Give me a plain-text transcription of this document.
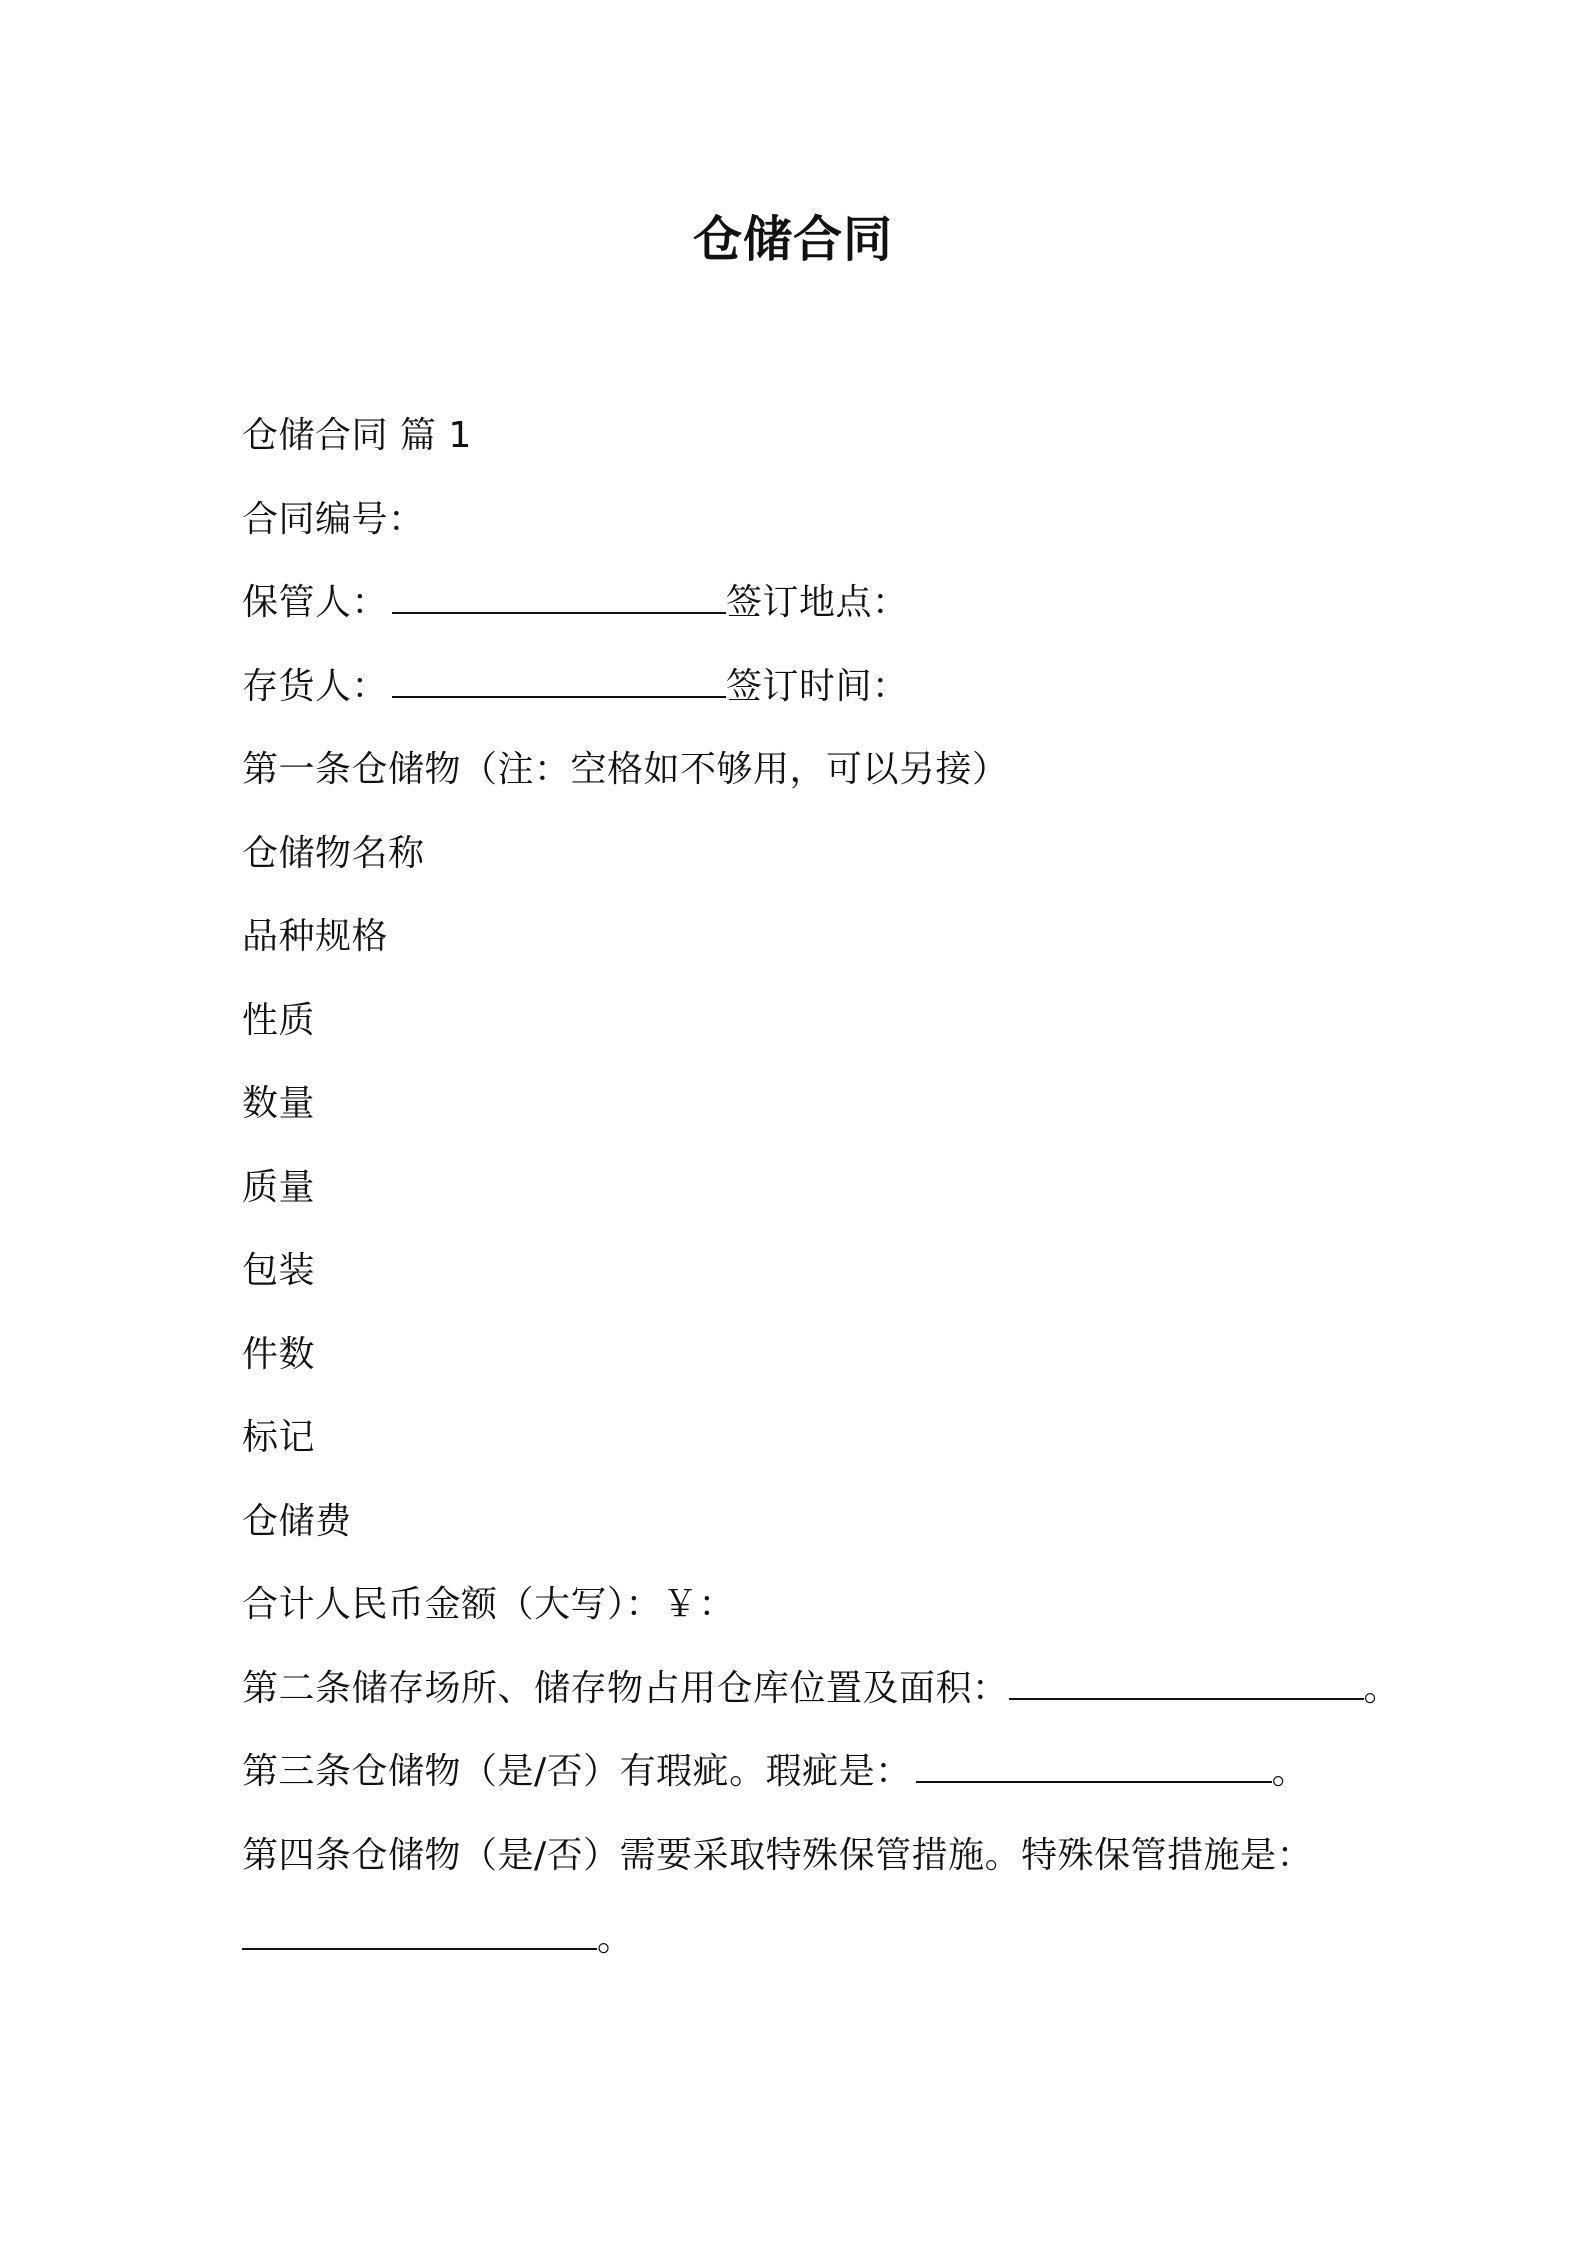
仓储合同
仓储合同 篇 1
合同编号：
保管人：	签订地点：
存货人：	签订时间：
第一条仓储物（注：空格如不够用，可以另接）
仓储物名称
品种规格
性质
数量
质量
包装
件数
标记
仓储费
合计人民币金额（大写）：￥：
第二条储存场所、储存物占用仓库位置及面积：	。
第三条仓储物（是/否）有瑕疵。瑕疵是：	。
第四条仓储物（是/否）需要采取特殊保管措施。特殊保管措施是：
。
